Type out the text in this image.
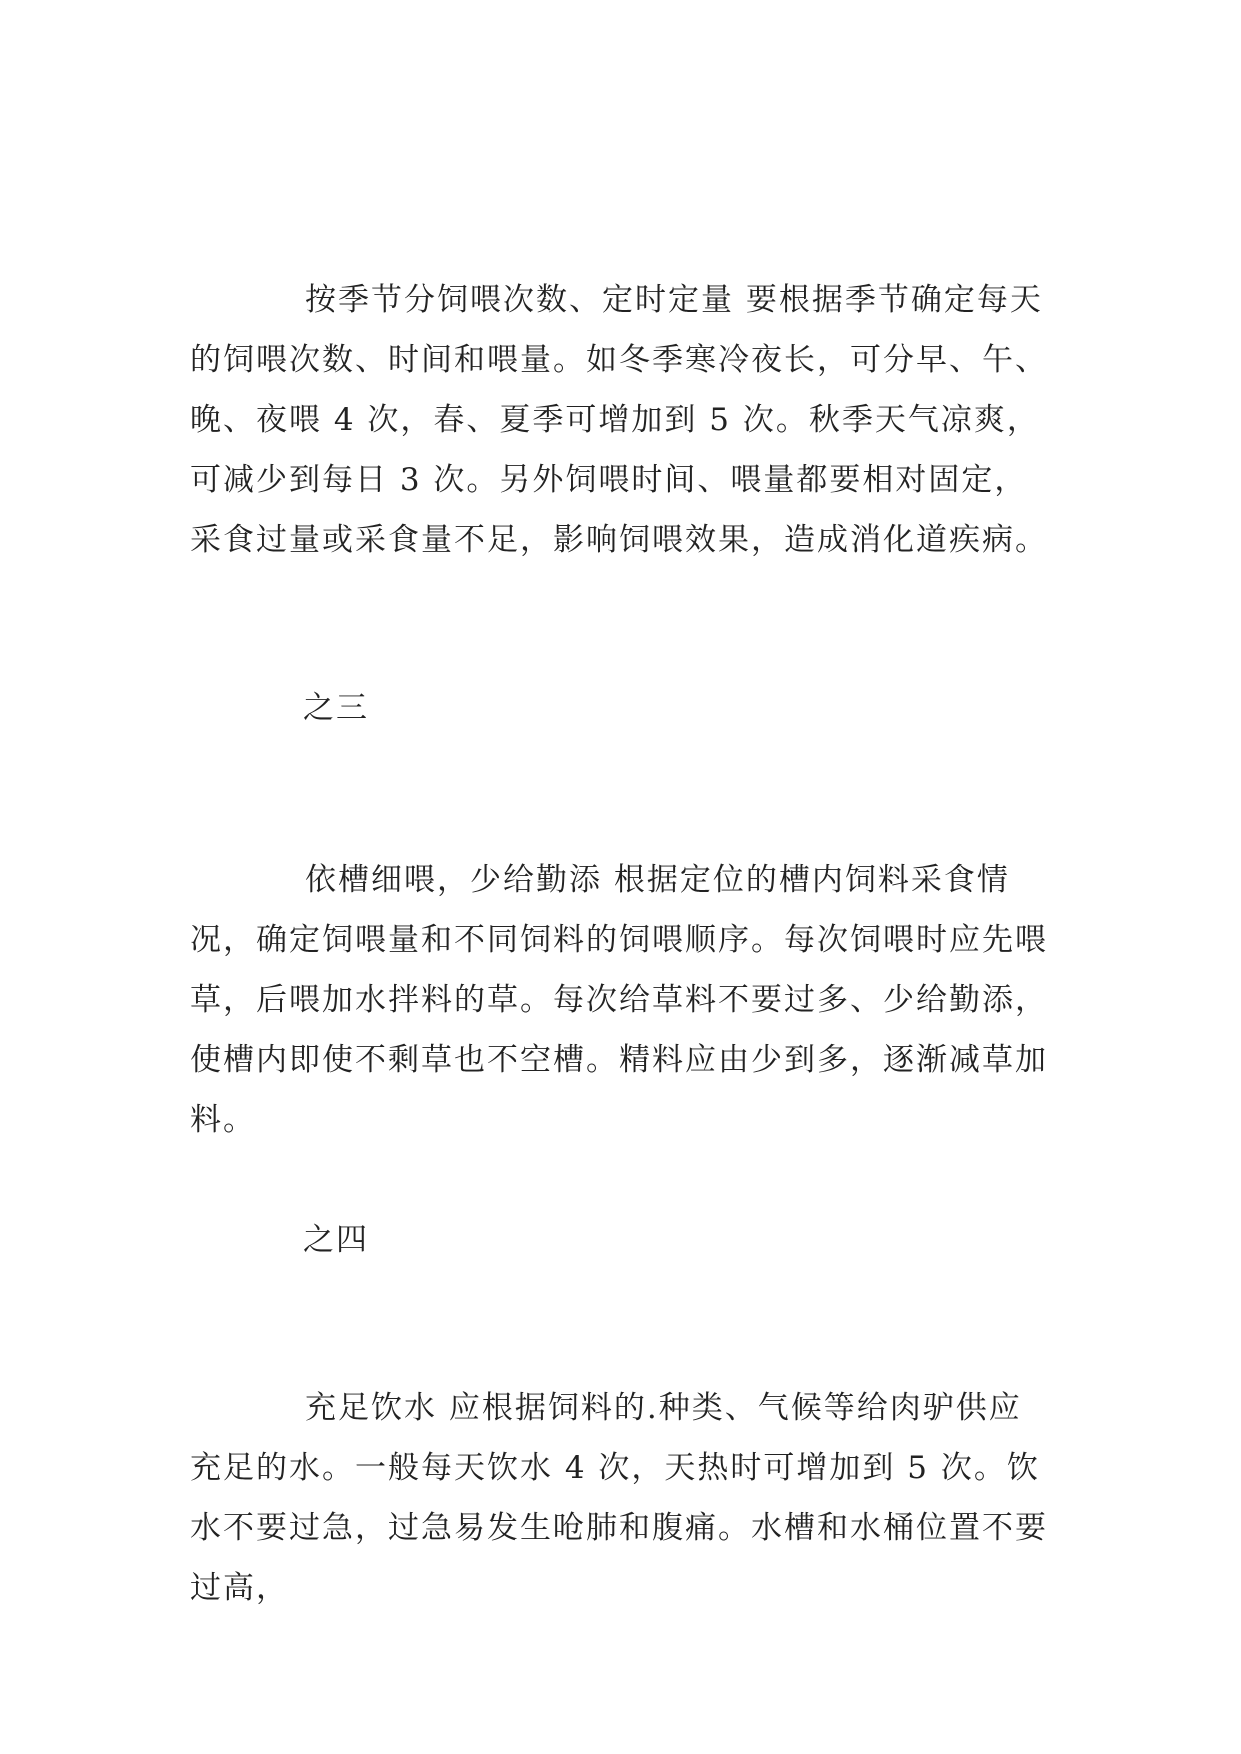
按季节分饲喂次数、定时定量 要根据季节确定每天的饲喂次数、时间和喂量。如冬季寒冷夜长，可分早、午、晚、夜喂 4 次，春、夏季可增加到 5 次。秋季天气凉爽，可减少到每日 3 次。另外饲喂时间、喂量都要相对固定，采食过量或采食量不足，影响饲喂效果，造成消化道疾病。

之三

依槽细喂，少给勤添 根据定位的槽内饲料采食情况，确定饲喂量和不同饲料的饲喂顺序。每次饲喂时应先喂草，后喂加水拌料的草。每次给草料不要过多、少给勤添，使槽内即使不剩草也不空槽。精料应由少到多，逐渐减草加料。

之四

充足饮水 应根据饲料的.种类、气候等给肉驴供应充足的水。一般每天饮水 4 次，天热时可增加到 5 次。饮水不要过急，过急易发生呛肺和腹痛。水槽和水桶位置不要过高，
